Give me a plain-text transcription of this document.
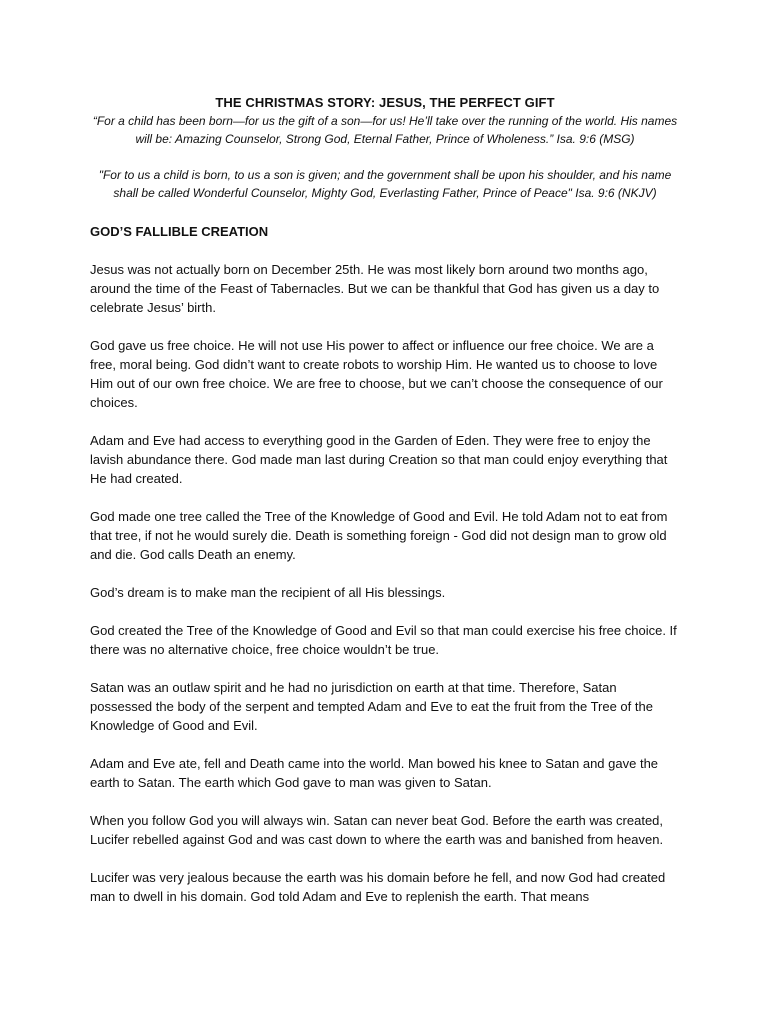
THE CHRISTMAS STORY: JESUS, THE PERFECT GIFT

“For a child has been born—for us the gift of a son—for us! He’ll take over the running of the world. His names will be: Amazing Counselor, Strong God, Eternal Father, Prince of Wholeness.” Isa. 9:6 (MSG)

"For to us a child is born, to us a son is given; and the government shall be upon his shoulder, and his name shall be called Wonderful Counselor, Mighty God, Everlasting Father, Prince of Peace" Isa. 9:6 (NKJV)

GOD’S FALLIBLE CREATION

Jesus was not actually born on December 25th. He was most likely born around two months ago, around the time of the Feast of Tabernacles. But we can be thankful that God has given us a day to celebrate Jesus’ birth.

God gave us free choice. He will not use His power to affect or influence our free choice. We are a free, moral being. God didn’t want to create robots to worship Him. He wanted us to choose to love Him out of our own free choice. We are free to choose, but we can’t choose the consequence of our choices.

Adam and Eve had access to everything good in the Garden of Eden. They were free to enjoy the lavish abundance there. God made man last during Creation so that man could enjoy everything that He had created.

God made one tree called the Tree of the Knowledge of Good and Evil. He told Adam not to eat from that tree, if not he would surely die. Death is something foreign - God did not design man to grow old and die. God calls Death an enemy.

God’s dream is to make man the recipient of all His blessings.

God created the Tree of the Knowledge of Good and Evil so that man could exercise his free choice. If there was no alternative choice, free choice wouldn’t be true.

Satan was an outlaw spirit and he had no jurisdiction on earth at that time. Therefore, Satan possessed the body of the serpent and tempted Adam and Eve to eat the fruit from the Tree of the Knowledge of Good and Evil.

Adam and Eve ate, fell and Death came into the world. Man bowed his knee to Satan and gave the earth to Satan. The earth which God gave to man was given to Satan.

When you follow God you will always win. Satan can never beat God. Before the earth was created, Lucifer rebelled against God and was cast down to where the earth was and banished from heaven.

Lucifer was very jealous because the earth was his domain before he fell, and now God had created man to dwell in his domain. God told Adam and Eve to replenish the earth. That means
